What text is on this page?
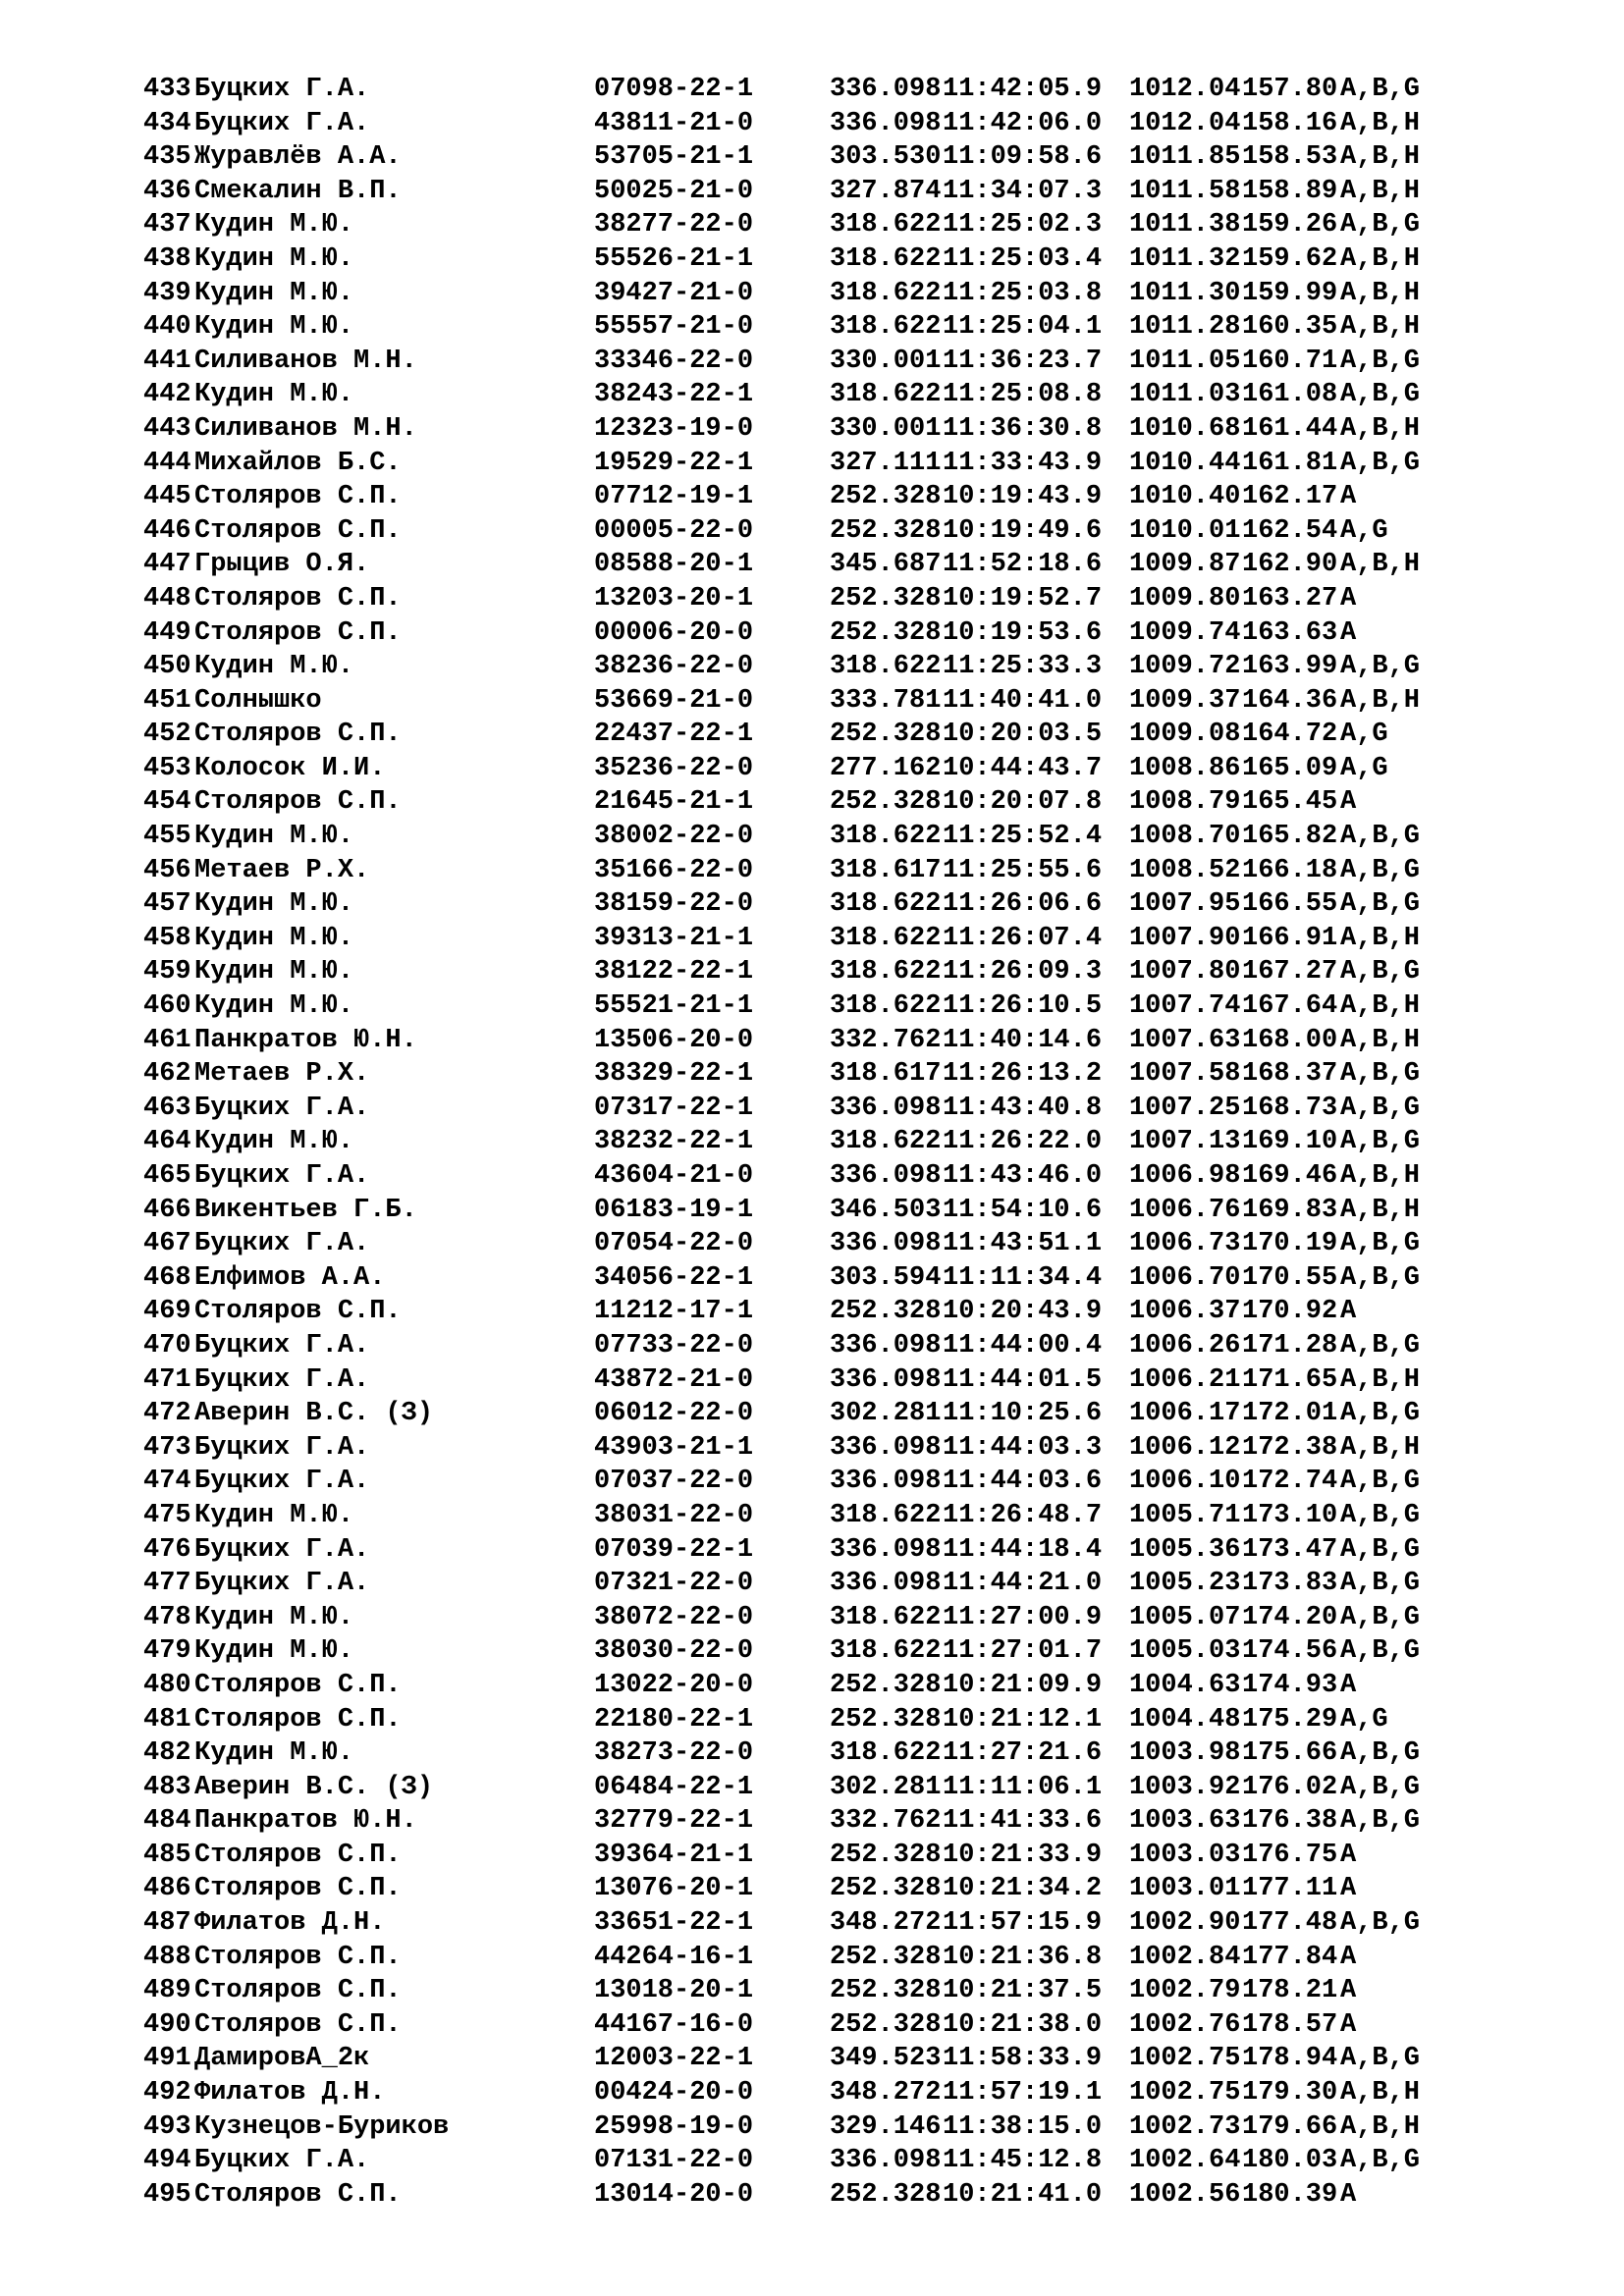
433 Буцких Г.А.	07098-22-1	336.09811:42:05.9 1012.04157.80 A,B,G
434 Буцких Г.А.	43811-21-0	336.09811:42:06.0 1012.04158.16 A,B,H
435 Журавлёв А.А.	53705-21-1	303.53011:09:58.6 1011.85158.53 A,B,H
436 Смекалин В.П.	50025-21-0	327.87411:34:07.3 1011.58158.89 A,B,H
437 Кудин М.Ю.	38277-22-0	318.62211:25:02.3 1011.38159.26 A,B,G
438 Кудин М.Ю.	55526-21-1	318.62211:25:03.4 1011.32159.62 A,B,H
439 Кудин М.Ю.	39427-21-0	318.62211:25:03.8 1011.30159.99 A,B,H
440 Кудин М.Ю.	55557-21-0	318.62211:25:04.1 1011.28160.35 A,B,H
441 Силиванов М.Н.	33346-22-0	330.00111:36:23.7 1011.05160.71 A,B,G
442 Кудин М.Ю.	38243-22-1	318.62211:25:08.8 1011.03161.08 A,B,G
443 Силиванов М.Н.	12323-19-0	330.00111:36:30.8 1010.68161.44 A,B,H
444 Михайлов Б.С.	19529-22-1	327.11111:33:43.9 1010.44161.81 A,B,G
445 Столяров С.П.	07712-19-1	252.32810:19:43.9 1010.40162.17 A
446 Столяров С.П.	00005-22-0	252.32810:19:49.6 1010.01162.54 A,G
447 Грыцив О.Я.	08588-20-1	345.68711:52:18.6 1009.87162.90 A,B,H
448 Столяров С.П.	13203-20-1	252.32810:19:52.7 1009.80163.27 A
449 Столяров С.П.	00006-20-0	252.32810:19:53.6 1009.74163.63 A
450 Кудин М.Ю.	38236-22-0	318.62211:25:33.3 1009.72163.99 A,B,G
451 Солнышко	53669-21-0	333.78111:40:41.0 1009.37164.36 A,B,H
452 Столяров С.П.	22437-22-1	252.32810:20:03.5 1009.08164.72 A,G
453 Колосок И.И.	35236-22-0	277.16210:44:43.7 1008.86165.09 A,G
454 Столяров С.П.	21645-21-1	252.32810:20:07.8 1008.79165.45 A
455 Кудин М.Ю.	38002-22-0	318.62211:25:52.4 1008.70165.82 A,B,G
456 Метаев Р.Х.	35166-22-0	318.61711:25:55.6 1008.52166.18 A,B,G
457 Кудин М.Ю.	38159-22-0	318.62211:26:06.6 1007.95166.55 A,B,G
458 Кудин М.Ю.	39313-21-1	318.62211:26:07.4 1007.90166.91 A,B,H
459 Кудин М.Ю.	38122-22-1	318.62211:26:09.3 1007.80167.27 A,B,G
460 Кудин М.Ю.	55521-21-1	318.62211:26:10.5 1007.74167.64 A,B,H
461 Панкратов Ю.Н.	13506-20-0	332.76211:40:14.6 1007.63168.00 A,B,H
462 Метаев Р.Х.	38329-22-1	318.61711:26:13.2 1007.58168.37 A,B,G
463 Буцких Г.А.	07317-22-1	336.09811:43:40.8 1007.25168.73 A,B,G
464 Кудин М.Ю.	38232-22-1	318.62211:26:22.0 1007.13169.10 A,B,G
465 Буцких Г.А.	43604-21-0	336.09811:43:46.0 1006.98169.46 A,B,H
466 Викентьев Г.Б.	06183-19-1	346.50311:54:10.6 1006.76169.83 A,B,H
467 Буцких Г.А.	07054-22-0	336.09811:43:51.1 1006.73170.19 A,B,G
468 Елфимов А.А.	34056-22-1	303.59411:11:34.4 1006.70170.55 A,B,G
469 Столяров С.П.	11212-17-1	252.32810:20:43.9 1006.37170.92 A
470 Буцких Г.А.	07733-22-0	336.09811:44:00.4 1006.26171.28 A,B,G
471 Буцких Г.А.	43872-21-0	336.09811:44:01.5 1006.21171.65 A,B,H
472 Аверин В.С. (З)	06012-22-0	302.28111:10:25.6 1006.17172.01 A,B,G
473 Буцких Г.А.	43903-21-1	336.09811:44:03.3 1006.12172.38 A,B,H
474 Буцких Г.А.	07037-22-0	336.09811:44:03.6 1006.10172.74 A,B,G
475 Кудин М.Ю.	38031-22-0	318.62211:26:48.7 1005.71173.10 A,B,G
476 Буцких Г.А.	07039-22-1	336.09811:44:18.4 1005.36173.47 A,B,G
477 Буцких Г.А.	07321-22-0	336.09811:44:21.0 1005.23173.83 A,B,G
478 Кудин М.Ю.	38072-22-0	318.62211:27:00.9 1005.07174.20 A,B,G
479 Кудин М.Ю.	38030-22-0	318.62211:27:01.7 1005.03174.56 A,B,G
480 Столяров С.П.	13022-20-0	252.32810:21:09.9 1004.63174.93 A
481 Столяров С.П.	22180-22-1	252.32810:21:12.1 1004.48175.29 A,G
482 Кудин М.Ю.	38273-22-0	318.62211:27:21.6 1003.98175.66 A,B,G
483 Аверин В.С. (З)	06484-22-1	302.28111:11:06.1 1003.92176.02 A,B,G
484 Панкратов Ю.Н.	32779-22-1	332.76211:41:33.6 1003.63176.38 A,B,G
485 Столяров С.П.	39364-21-1	252.32810:21:33.9 1003.03176.75 A
486 Столяров С.П.	13076-20-1	252.32810:21:34.2 1003.01177.11 A
487 Филатов Д.Н.	33651-22-1	348.27211:57:15.9 1002.90177.48 A,B,G
488 Столяров С.П.	44264-16-1	252.32810:21:36.8 1002.84177.84 A
489 Столяров С.П.	13018-20-1	252.32810:21:37.5 1002.79178.21 A
490 Столяров С.П.	44167-16-0	252.32810:21:38.0 1002.76178.57 A
491 ДамировА_2к	12003-22-1	349.52311:58:33.9 1002.75178.94 A,B,G
492 Филатов Д.Н.	00424-20-0	348.27211:57:19.1 1002.75179.30 A,B,H
493 Кузнецов-Буриков	25998-19-0	329.14611:38:15.0 1002.73179.66 A,B,H
494 Буцких Г.А.	07131-22-0	336.09811:45:12.8 1002.64180.03 A,B,G
495 Столяров С.П.	13014-20-0	252.32810:21:41.0 1002.56180.39 A
